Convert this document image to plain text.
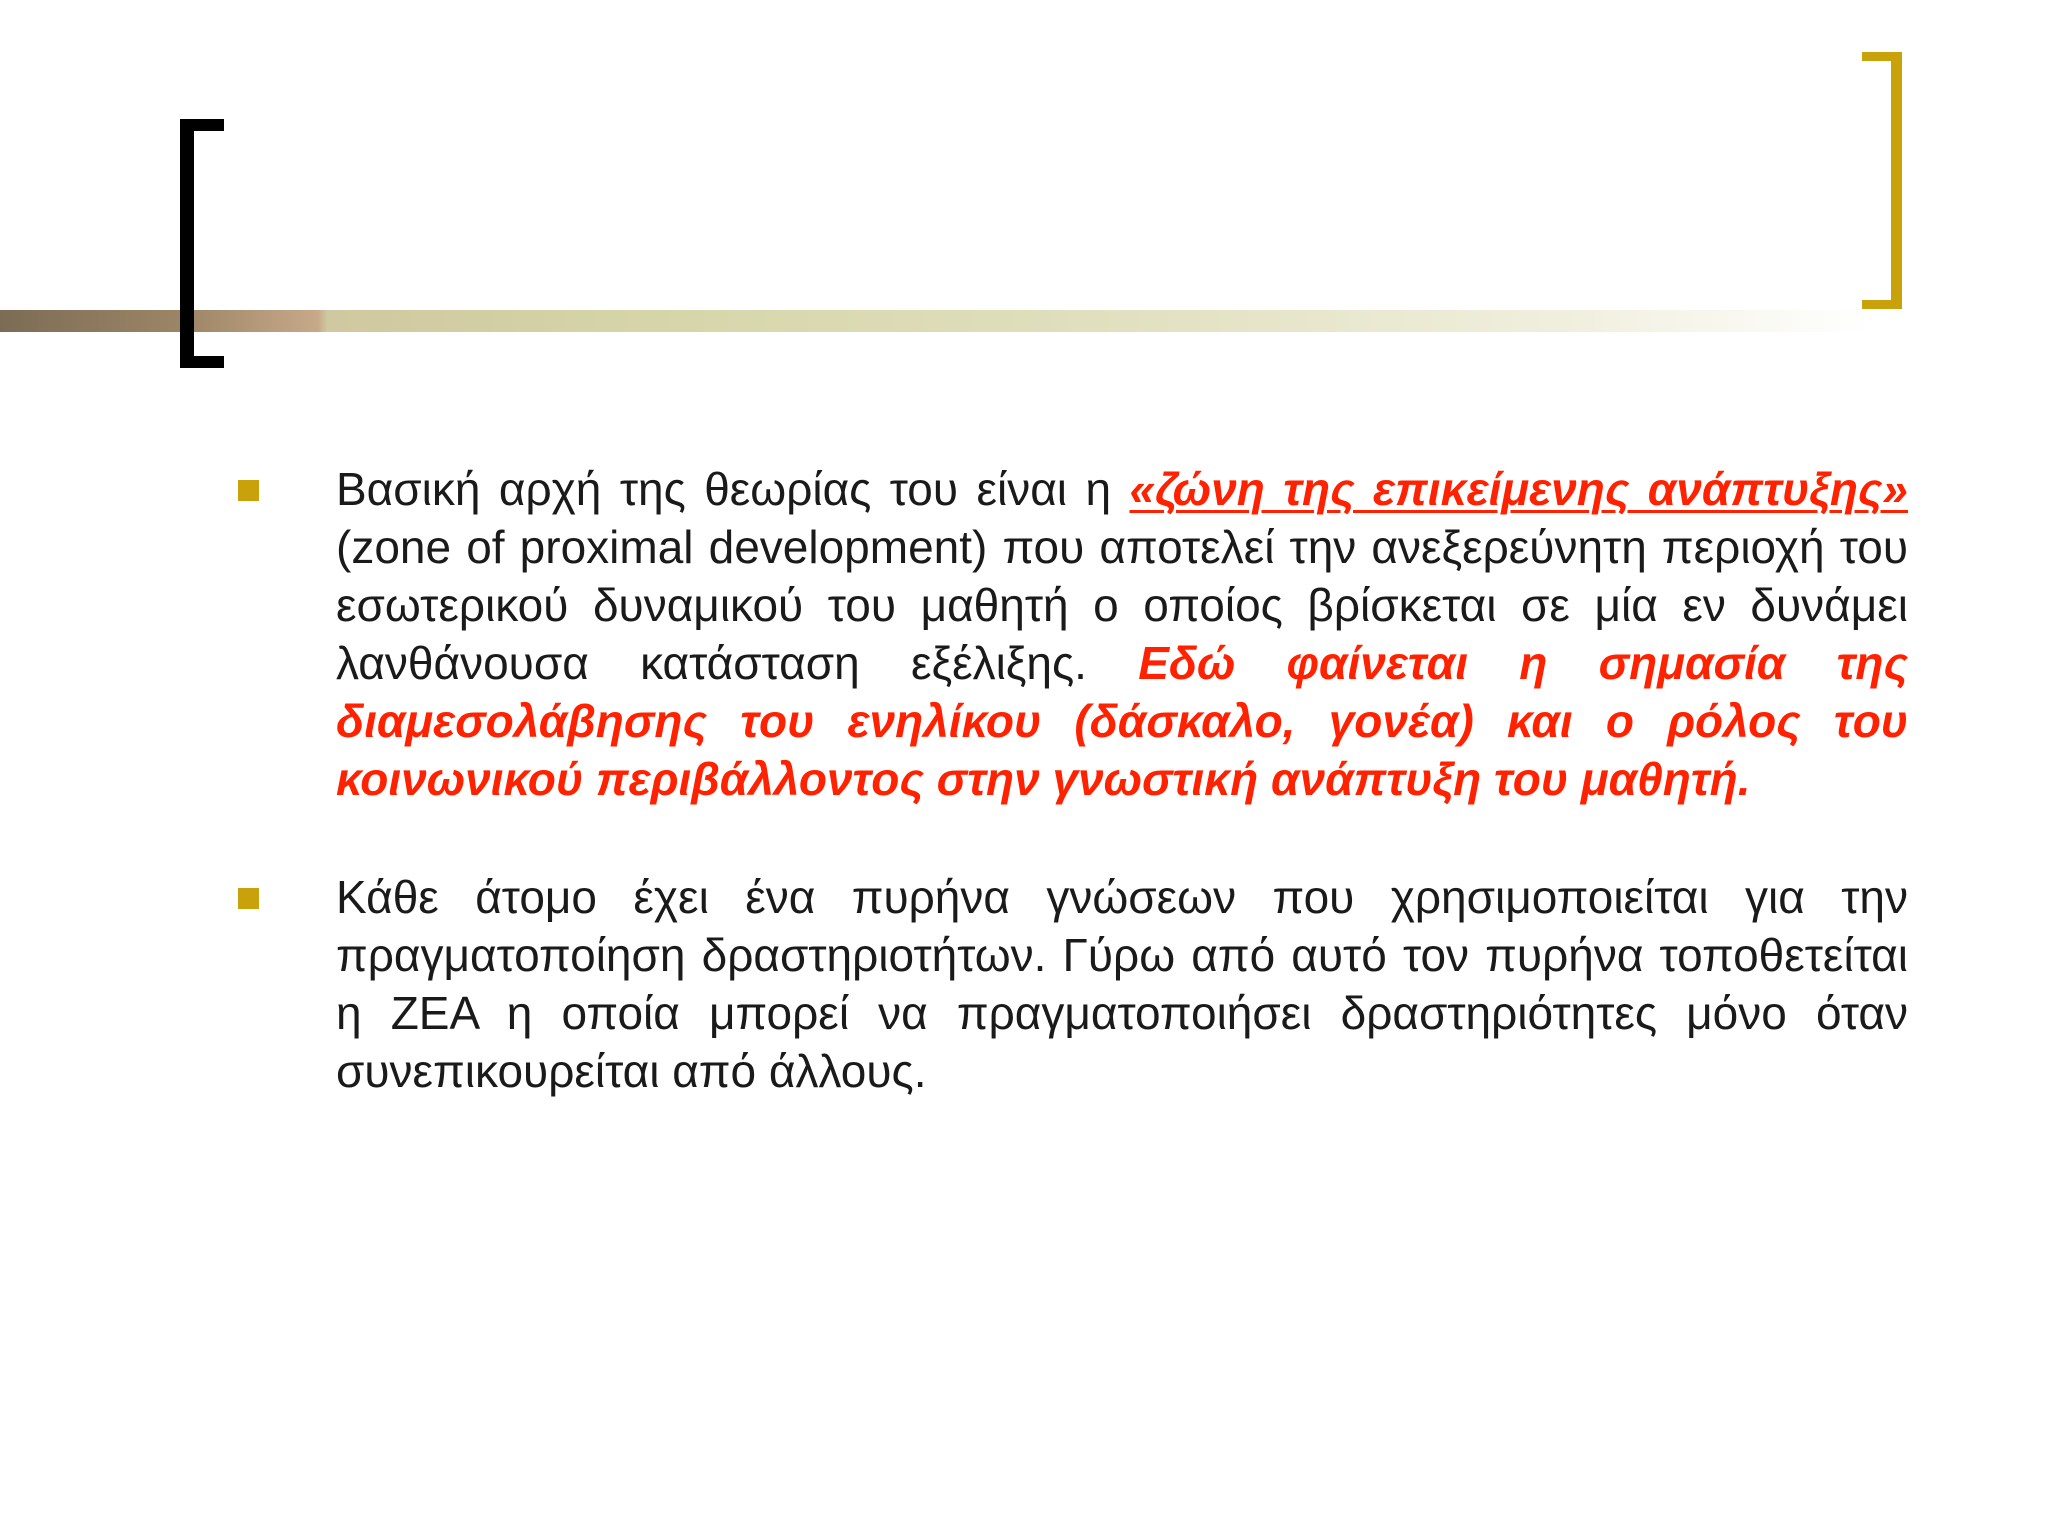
Βασική αρχή της θεωρίας του είναι η «ζώνη της επικείμενης ανάπτυξης» (zone of proximal development) που αποτελεί την ανεξερεύνητη περιοχή του εσωτερικού δυναμικού του μαθητή ο οποίος βρίσκεται σε μία εν δυνάμει λανθάνουσα κατάσταση εξέλιξης. Εδώ φαίνεται η σημασία της διαμεσολάβησης του ενηλίκου (δάσκαλο, γονέα) και ο ρόλος του κοινωνικού περιβάλλοντος στην γνωστική ανάπτυξη του μαθητή.
Κάθε άτομο έχει ένα πυρήνα γνώσεων που χρησιμοποιείται για την πραγματοποίηση δραστηριοτήτων. Γύρω από αυτό τον πυρήνα τοποθετείται η ΖΕΑ η οποία μπορεί να πραγματοποιήσει δραστηριότητες μόνο όταν συνεπικουρείται από άλλους.
